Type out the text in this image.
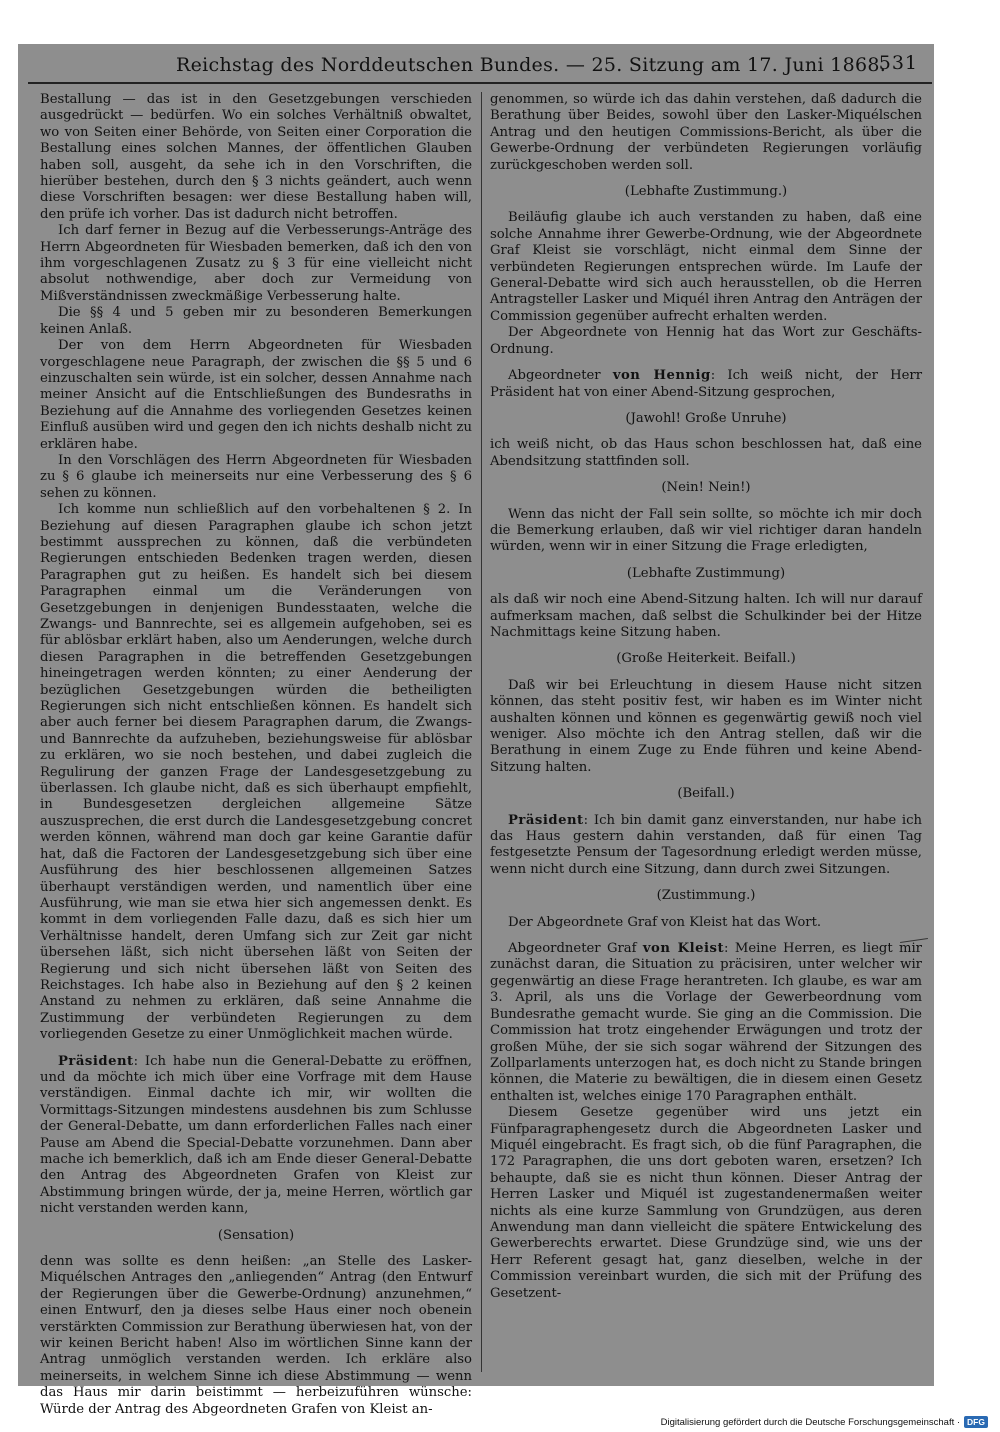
Reichstag des Norddeutschen Bundes. — 25. Sitzung am 17. Juni 1868.
531

Bestallung — das ist in den Gesetzgebungen verschieden ausgedrückt — bedürfen. Wo ein solches Verhältniß obwaltet, wo von Seiten einer Behörde, von Seiten einer Corporation die Bestallung eines solchen Mannes, der öffentlichen Glauben haben soll, ausgeht, da sehe ich in den Vorschriften, die hierüber bestehen, durch den § 3 nichts geändert, auch wenn diese Vorschriften besagen: wer diese Bestallung haben will, den prüfe ich vorher. Das ist dadurch nicht betroffen.

Ich darf ferner in Bezug auf die Verbesserungs-Anträge des Herrn Abgeordneten für Wiesbaden bemerken, daß ich den von ihm vorgeschlagenen Zusatz zu § 3 für eine vielleicht nicht absolut nothwendige, aber doch zur Vermeidung von Mißverständnissen zweckmäßige Verbesserung halte.

Die §§ 4 und 5 geben mir zu besonderen Bemerkungen keinen Anlaß.

Der von dem Herrn Abgeordneten für Wiesbaden vorgeschlagene neue Paragraph, der zwischen die §§ 5 und 6 einzuschalten sein würde, ist ein solcher, dessen Annahme nach meiner Ansicht auf die Entschließungen des Bundesraths in Beziehung auf die Annahme des vorliegenden Gesetzes keinen Einfluß ausüben wird und gegen den ich nichts deshalb nicht zu erklären habe.

In den Vorschlägen des Herrn Abgeordneten für Wiesbaden zu § 6 glaube ich meinerseits nur eine Verbesserung des § 6 sehen zu können.

Ich komme nun schließlich auf den vorbehaltenen § 2. In Beziehung auf diesen Paragraphen glaube ich schon jetzt bestimmt aussprechen zu können, daß die verbündeten Regierungen entschieden Bedenken tragen werden, diesen Paragraphen gut zu heißen. Es handelt sich bei diesem Paragraphen einmal um die Veränderungen von Gesetzgebungen in denjenigen Bundesstaaten, welche die Zwangs- und Bannrechte, sei es allgemein aufgehoben, sei es für ablösbar erklärt haben, also um Aenderungen, welche durch diesen Paragraphen in die betreffenden Gesetzgebungen hineingetragen werden könnten; zu einer Aenderung der bezüglichen Gesetzgebungen würden die betheiligten Regierungen sich nicht entschließen können. Es handelt sich aber auch ferner bei diesem Paragraphen darum, die Zwangs- und Bannrechte da aufzuheben, beziehungsweise für ablösbar zu erklären, wo sie noch bestehen, und dabei zugleich die Regulirung der ganzen Frage der Landesgesetzgebung zu überlassen. Ich glaube nicht, daß es sich überhaupt empfiehlt, in Bundesgesetzen dergleichen allgemeine Sätze auszusprechen, die erst durch die Landesgesetzgebung concret werden können, während man doch gar keine Garantie dafür hat, daß die Factoren der Landesgesetzgebung sich über eine Ausführung des hier beschlossenen allgemeinen Satzes überhaupt verständigen werden, und namentlich über eine Ausführung, wie man sie etwa hier sich angemessen denkt. Es kommt in dem vorliegenden Falle dazu, daß es sich hier um Verhältnisse handelt, deren Umfang sich zur Zeit gar nicht übersehen läßt, sich nicht übersehen läßt von Seiten der Regierung und sich nicht übersehen läßt von Seiten des Reichstages. Ich habe also in Beziehung auf den § 2 keinen Anstand zu nehmen zu erklären, daß seine Annahme die Zustimmung der verbündeten Regierungen zu dem vorliegenden Gesetze zu einer Unmöglichkeit machen würde.

Präsident: Ich habe nun die General-Debatte zu eröffnen, und da möchte ich mich über eine Vorfrage mit dem Hause verständigen. Einmal dachte ich mir, wir wollten die Vormittags-Sitzungen mindestens ausdehnen bis zum Schlusse der General-Debatte, um dann erforderlichen Falles nach einer Pause am Abend die Special-Debatte vorzunehmen. Dann aber mache ich bemerklich, daß ich am Ende dieser General-Debatte den Antrag des Abgeordneten Grafen von Kleist zur Abstimmung bringen würde, der ja, meine Herren, wörtlich gar nicht verstanden werden kann,

(Sensation)

denn was sollte es denn heißen: „an Stelle des Lasker-Miquélschen Antrages den „anliegenden“ Antrag (den Entwurf der Regierungen über die Gewerbe-Ordnung) anzunehmen,“ einen Entwurf, den ja dieses selbe Haus einer noch obenein verstärkten Commission zur Berathung überwiesen hat, von der wir keinen Bericht haben! Also im wörtlichen Sinne kann der Antrag unmöglich verstanden werden. Ich erkläre also meinerseits, in welchem Sinne ich diese Abstimmung — wenn das Haus mir darin beistimmt — herbeizuführen wünsche: Würde der Antrag des Abgeordneten Grafen von Kleist an-

genommen, so würde ich das dahin verstehen, daß dadurch die Berathung über Beides, sowohl über den Lasker-Miquélschen Antrag und den heutigen Commissions-Bericht, als über die Gewerbe-Ordnung der verbündeten Regierungen vorläufig zurückgeschoben werden soll.

(Lebhafte Zustimmung.)

Beiläufig glaube ich auch verstanden zu haben, daß eine solche Annahme ihrer Gewerbe-Ordnung, wie der Abgeordnete Graf Kleist sie vorschlägt, nicht einmal dem Sinne der verbündeten Regierungen entsprechen würde. Im Laufe der General-Debatte wird sich auch herausstellen, ob die Herren Antragsteller Lasker und Miquél ihren Antrag den Anträgen der Commission gegenüber aufrecht erhalten werden.

Der Abgeordnete von Hennig hat das Wort zur Geschäfts-Ordnung.

Abgeordneter von Hennig: Ich weiß nicht, der Herr Präsident hat von einer Abend-Sitzung gesprochen,

(Jawohl! Große Unruhe)

ich weiß nicht, ob das Haus schon beschlossen hat, daß eine Abendsitzung stattfinden soll.

(Nein! Nein!)

Wenn das nicht der Fall sein sollte, so möchte ich mir doch die Bemerkung erlauben, daß wir viel richtiger daran handeln würden, wenn wir in einer Sitzung die Frage erledigten,

(Lebhafte Zustimmung)

als daß wir noch eine Abend-Sitzung halten. Ich will nur darauf aufmerksam machen, daß selbst die Schulkinder bei der Hitze Nachmittags keine Sitzung haben.

(Große Heiterkeit. Beifall.)

Daß wir bei Erleuchtung in diesem Hause nicht sitzen können, das steht positiv fest, wir haben es im Winter nicht aushalten können und können es gegenwärtig gewiß noch viel weniger. Also möchte ich den Antrag stellen, daß wir die Berathung in einem Zuge zu Ende führen und keine Abend-Sitzung halten.

(Beifall.)

Präsident: Ich bin damit ganz einverstanden, nur habe ich das Haus gestern dahin verstanden, daß für einen Tag festgesetzte Pensum der Tagesordnung erledigt werden müsse, wenn nicht durch eine Sitzung, dann durch zwei Sitzungen.

(Zustimmung.)

Der Abgeordnete Graf von Kleist hat das Wort.

Abgeordneter Graf von Kleist: Meine Herren, es liegt mir zunächst daran, die Situation zu präcisiren, unter welcher wir gegenwärtig an diese Frage herantreten. Ich glaube, es war am 3. April, als uns die Vorlage der Gewerbeordnung vom Bundesrathe gemacht wurde. Sie ging an die Commission. Die Commission hat trotz eingehender Erwägungen und trotz der großen Mühe, der sie sich sogar während der Sitzungen des Zollparlaments unterzogen hat, es doch nicht zu Stande bringen können, die Materie zu bewältigen, die in diesem einen Gesetz enthalten ist, welches einige 170 Paragraphen enthält.

Diesem Gesetze gegenüber wird uns jetzt ein Fünfparagraphengesetz durch die Abgeordneten Lasker und Miquél eingebracht. Es fragt sich, ob die fünf Paragraphen, die 172 Paragraphen, die uns dort geboten waren, ersetzen? Ich behaupte, daß sie es nicht thun können. Dieser Antrag der Herren Lasker und Miquél ist zugestandenermaßen weiter nichts als eine kurze Sammlung von Grundzügen, aus deren Anwendung man dann vielleicht die spätere Entwickelung des Gewerberechts erwartet. Diese Grundzüge sind, wie uns der Herr Referent gesagt hat, ganz dieselben, welche in der Commission vereinbart wurden, die sich mit der Prüfung des Gesetzent-

Digitalisierung gefördert durch die Deutsche Forschungsgemeinschaft · DFG
